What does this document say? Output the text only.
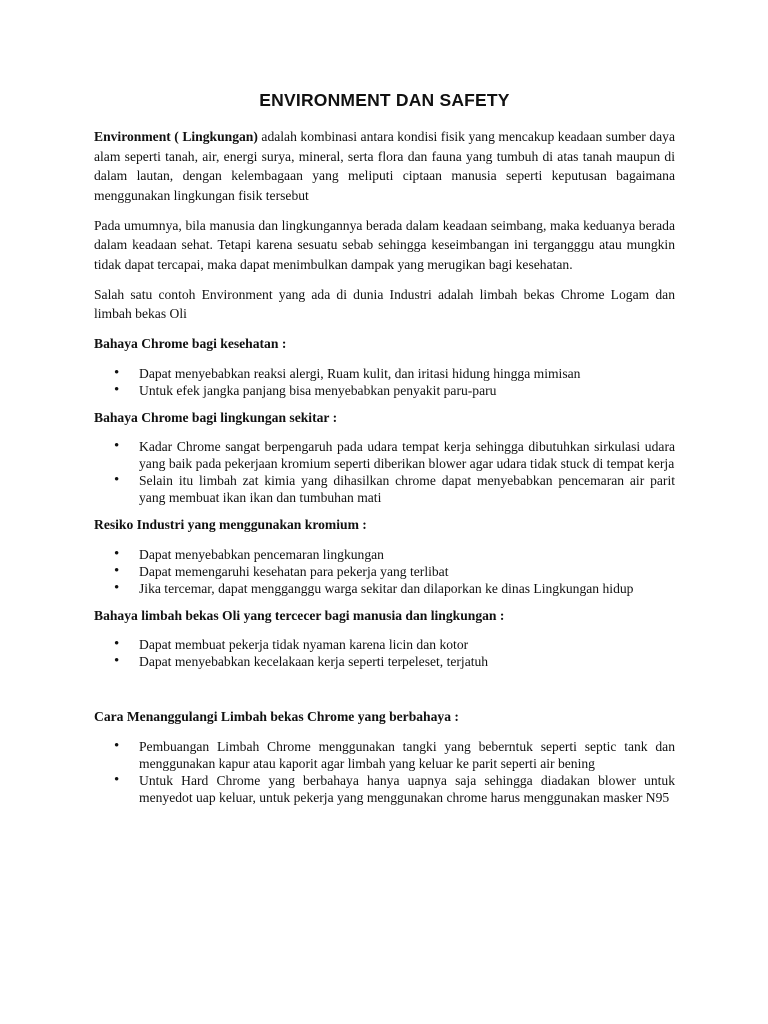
ENVIRONMENT DAN SAFETY

Environment ( Lingkungan) adalah kombinasi antara kondisi fisik yang mencakup keadaan sumber daya alam seperti tanah, air, energi surya, mineral, serta flora dan fauna yang tumbuh di atas tanah maupun di dalam lautan, dengan kelembagaan yang meliputi ciptaan manusia seperti keputusan bagaimana menggunakan lingkungan fisik tersebut

Pada umumnya, bila manusia dan lingkungannya berada dalam keadaan seimbang, maka keduanya berada dalam keadaan sehat. Tetapi karena sesuatu sebab sehingga keseimbangan ini tergangggu atau mungkin tidak dapat tercapai, maka dapat menimbulkan dampak yang merugikan bagi kesehatan.

Salah satu contoh Environment yang ada di dunia Industri adalah limbah bekas Chrome Logam dan limbah bekas Oli

Bahaya Chrome bagi kesehatan :
• Dapat menyebabkan reaksi alergi, Ruam kulit, dan iritasi hidung hingga mimisan
• Untuk efek jangka panjang bisa menyebabkan penyakit paru-paru
Bahaya Chrome bagi lingkungan sekitar :
• Kadar Chrome sangat berpengaruh pada udara tempat kerja sehingga dibutuhkan sirkulasi udara yang baik pada pekerjaan kromium seperti diberikan blower agar udara tidak stuck di tempat kerja
• Selain itu limbah zat kimia yang dihasilkan chrome dapat menyebabkan pencemaran air parit yang membuat ikan ikan dan tumbuhan mati
Resiko Industri yang menggunakan kromium :
• Dapat menyebabkan pencemaran lingkungan
• Dapat memengaruhi kesehatan para pekerja yang terlibat
• Jika tercemar, dapat mengganggu warga sekitar dan dilaporkan ke dinas Lingkungan hidup
Bahaya limbah bekas Oli yang tercecer bagi manusia dan lingkungan :
• Dapat membuat pekerja tidak nyaman karena licin dan kotor
• Dapat menyebabkan kecelakaan kerja seperti terpeleset, terjatuh
Cara Menanggulangi Limbah bekas Chrome yang berbahaya :
• Pembuangan Limbah Chrome menggunakan tangki yang beberntuk seperti septic tank dan menggunakan kapur atau kaporit agar limbah yang keluar ke parit seperti air bening
• Untuk Hard Chrome yang berbahaya hanya uapnya saja sehingga diadakan blower untuk menyedot uap keluar, untuk pekerja yang menggunakan chrome harus menggunakan masker N95
